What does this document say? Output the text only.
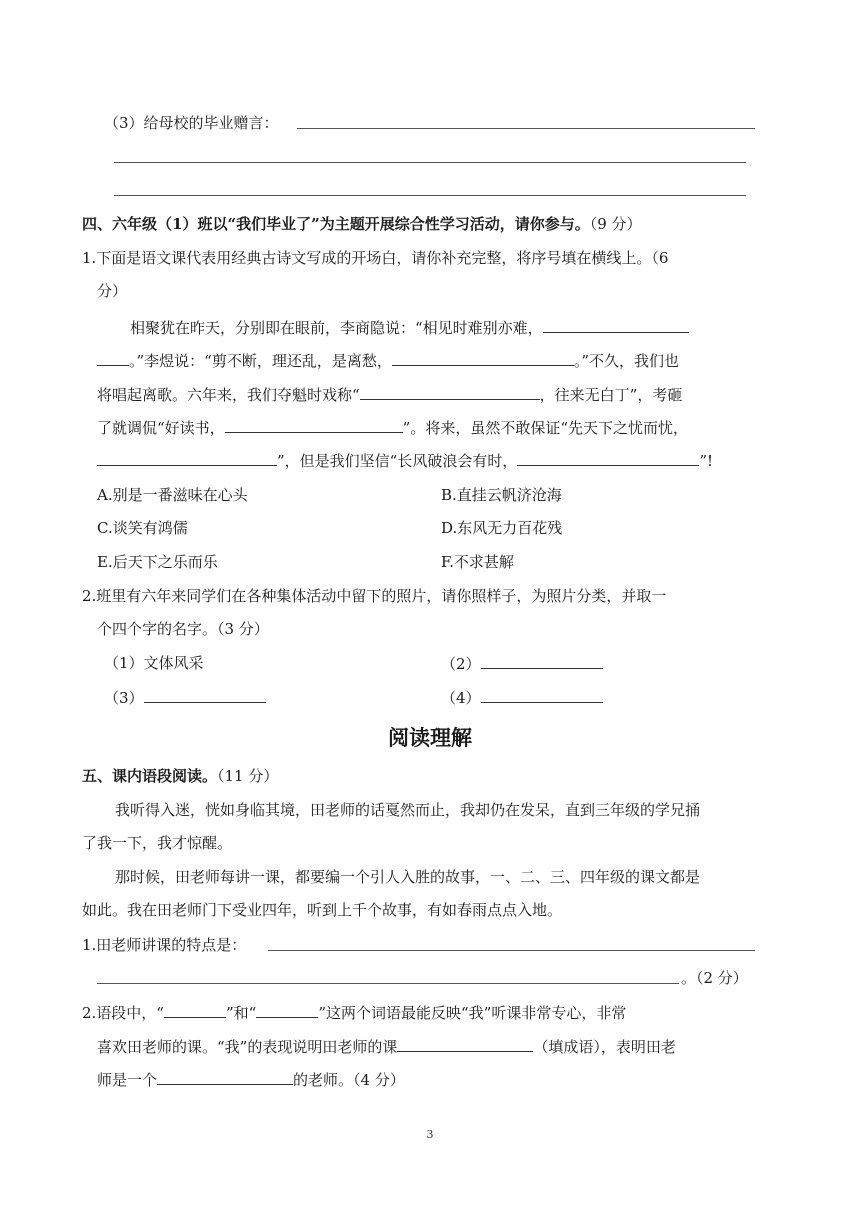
（3）给母校的毕业赠言：
四、六年级（1）班以“我们毕业了”为主题开展综合性学习活动，请你参与。（9 分）
1.下面是语文课代表用经典古诗文写成的开场白，请你补充完整，将序号填在横线上。（6
分）
相聚犹在昨天，分别即在眼前，李商隐说：“相见时难别亦难，
。”李煜说：“剪不断，理还乱，是离愁，	。”不久，我们也
将唱起离歌。六年来，我们夺魁时戏称“	，往来无白丁”，考砸
了就调侃“好读书，	”。将来，虽然不敢保证“先天下之忧而忧，
”，但是我们坚信“长风破浪会有时，	”!
A.别是一番滋味在心头	B.直挂云帆济沧海
C.谈笑有鸿儒	D.东风无力百花残
E.后天下之乐而乐	F.不求甚解
2.班里有六年来同学们在各种集体活动中留下的照片，请你照样子，为照片分类，并取一
个四个字的名字。（3 分）
（1）文体风采	（2）
（3）	（4）
阅读理解
五、课内语段阅读。（11 分）
我听得入迷，恍如身临其境，田老师的话戛然而止，我却仍在发呆，直到三年级的学兄捅
了我一下，我才惊醒。
那时候，田老师每讲一课，都要编一个引人入胜的故事，一、二、三、四年级的课文都是
如此。我在田老师门下受业四年，听到上千个故事，有如春雨点点入地。
1.田老师讲课的特点是：
。（2 分）
2.语段中，“	”和“	”这两个词语最能反映“我”听课非常专心，非常
喜欢田老师的课。“我”的表现说明田老师的课	（填成语），表明田老
师是一个	的老师。（4 分）
3
